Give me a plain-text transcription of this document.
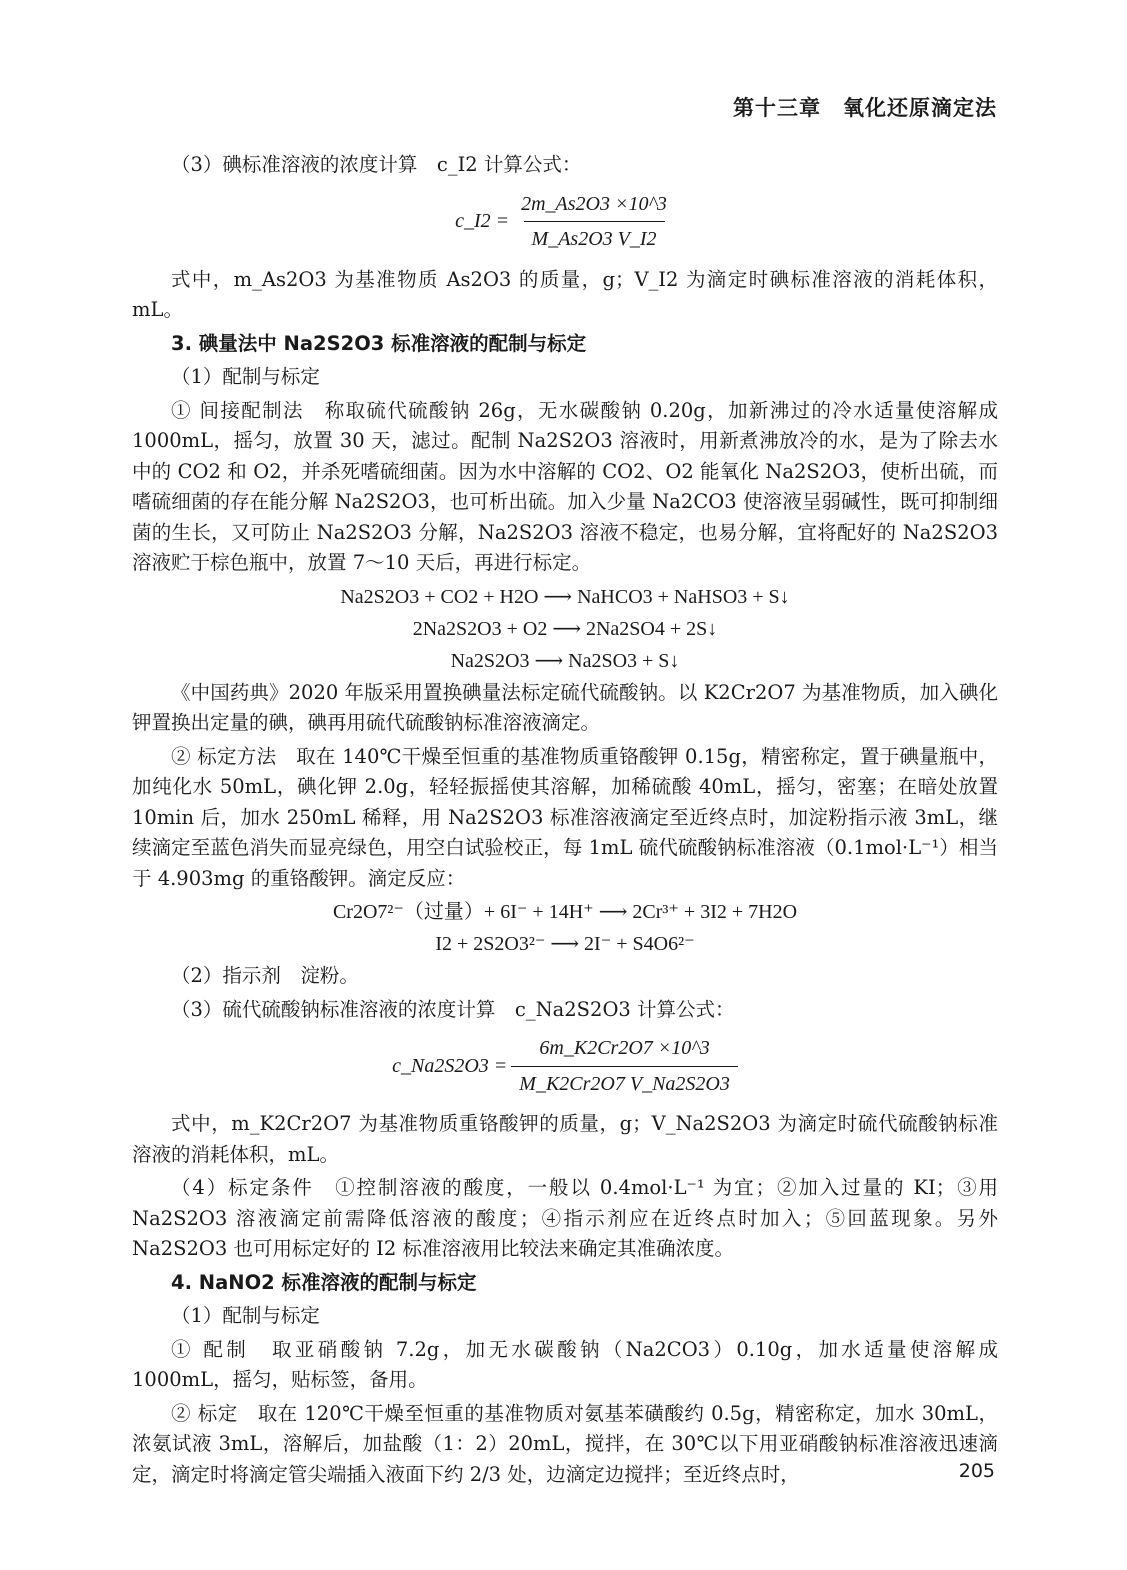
第十三章　氧化还原滴定法

（3）碘标准溶液的浓度计算　c_I2 计算公式：

c_I2 = $\frac{2m\_As2O3 \times 10\^{}3}{M\_As2O3 V\_I2}$

式中，m_As2O3 为基准物质 As2O3 的质量，g；V_I2 为滴定时碘标准溶液的消耗体积，mL。

3. 碘量法中 Na2S2O3 标准溶液的配制与标定
（1）配制与标定

① 间接配制法　称取硫代硫酸钠 26g，无水碳酸钠 0.20g，加新沸过的冷水适量使溶解成 1000mL，摇匀，放置 30 天，滤过。配制 Na2S2O3 溶液时，用新煮沸放冷的水，是为了除去水中的 CO2 和 O2，并杀死嗜硫细菌。因为水中溶解的 CO2、O2 能氧化 Na2S2O3，使析出硫，而嗜硫细菌的存在能分解 Na2S2O3，也可析出硫。加入少量 Na2CO3 使溶液呈弱碱性，既可抑制细菌的生长，又可防止 Na2S2O3 分解，Na2S2O3 溶液不稳定，也易分解，宜将配好的 Na2S2O3 溶液贮于棕色瓶中，放置 7～10 天后，再进行标定。

Na2S2O3 + CO2 + H2O ⟶ NaHCO3 + NaHSO3 + S↓
2Na2S2O3 + O2 ⟶ 2Na2SO4 + 2S↓
Na2S2O3 ⟶ Na2SO3 + S↓

《中国药典》2020 年版采用置换碘量法标定硫代硫酸钠。以 K2Cr2O7 为基准物质，加入碘化钾置换出定量的碘，碘再用硫代硫酸钠标准溶液滴定。

② 标定方法　取在 140℃干燥至恒重的基准物质重铬酸钾 0.15g，精密称定，置于碘量瓶中，加纯化水 50mL，碘化钾 2.0g，轻轻振摇使其溶解，加稀硫酸 40mL，摇匀，密塞；在暗处放置 10min 后，加水 250mL 稀释，用 Na2S2O3 标准溶液滴定至近终点时，加淀粉指示液 3mL，继续滴定至蓝色消失而显亮绿色，用空白试验校正，每 1mL 硫代硫酸钠标准溶液（0.1mol·L⁻¹）相当于 4.903mg 的重铬酸钾。滴定反应：

Cr2O7²⁻（过量）+ 6I⁻ + 14H⁺ ⟶ 2Cr³⁺ + 3I2 + 7H2O
I2 + 2S2O3²⁻ ⟶ 2I⁻ + S4O6²⁻
（2）指示剂　淀粉。
（3）硫代硫酸钠标准溶液的浓度计算　c_Na2S2O3 计算公式：
c_Na2S2O3 = $\frac{6m\_K2Cr2O7 \times 10\^{}3}{M\_K2Cr2O7 V\_Na2S2O3}$

式中，m_K2Cr2O7 为基准物质重铬酸钾的质量，g；V_Na2S2O3 为滴定时硫代硫酸钠标准溶液的消耗体积，mL。

（4）标定条件　①控制溶液的酸度，一般以 0.4mol·L⁻¹ 为宜；②加入过量的 KI；③用 Na2S2O3 溶液滴定前需降低溶液的酸度；④指示剂应在近终点时加入；⑤回蓝现象。另外 Na2S2O3 也可用标定好的 I2 标准溶液用比较法来确定其准确浓度。

4. NaNO2 标准溶液的配制与标定
（1）配制与标定

① 配制　取亚硝酸钠 7.2g，加无水碳酸钠（Na2CO3）0.10g，加水适量使溶解成 1000mL，摇匀，贴标签，备用。

② 标定　取在 120℃干燥至恒重的基准物质对氨基苯磺酸约 0.5g，精密称定，加水 30mL，浓氨试液 3mL，溶解后，加盐酸（1：2）20mL，搅拌，在 30℃以下用亚硝酸钠标准溶液迅速滴定，滴定时将滴定管尖端插入液面下约 2/3 处，边滴定边搅拌；至近终点时，	205
